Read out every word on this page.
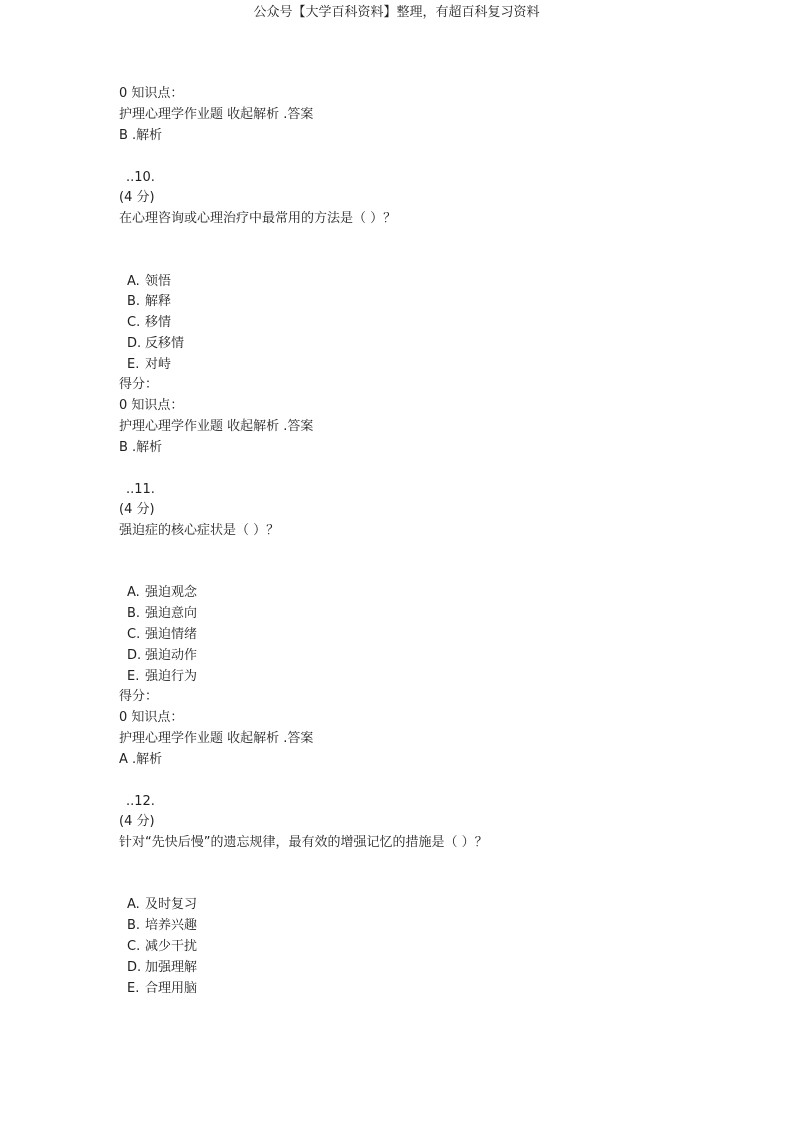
公众号【大学百科资料】整理，有超百科复习资料
0 知识点：
护理心理学作业题 收起解析 .答案
B .解析
..10.
(4 分)
在心理咨询或心理治疗中最常用的方法是（ ）？
A. 领悟
B. 解释
C. 移情
D. 反移情
E. 对峙
得分：
0 知识点：
护理心理学作业题 收起解析 .答案
B .解析
..11.
(4 分)
强迫症的核心症状是（ ）？
A. 强迫观念
B. 强迫意向
C. 强迫情绪
D. 强迫动作
E. 强迫行为
得分：
0 知识点：
护理心理学作业题 收起解析 .答案
A .解析
..12.
(4 分)
针对“先快后慢”的遗忘规律，最有效的增强记忆的措施是（ ）？
A. 及时复习
B. 培养兴趣
C. 减少干扰
D. 加强理解
E. 合理用脑
